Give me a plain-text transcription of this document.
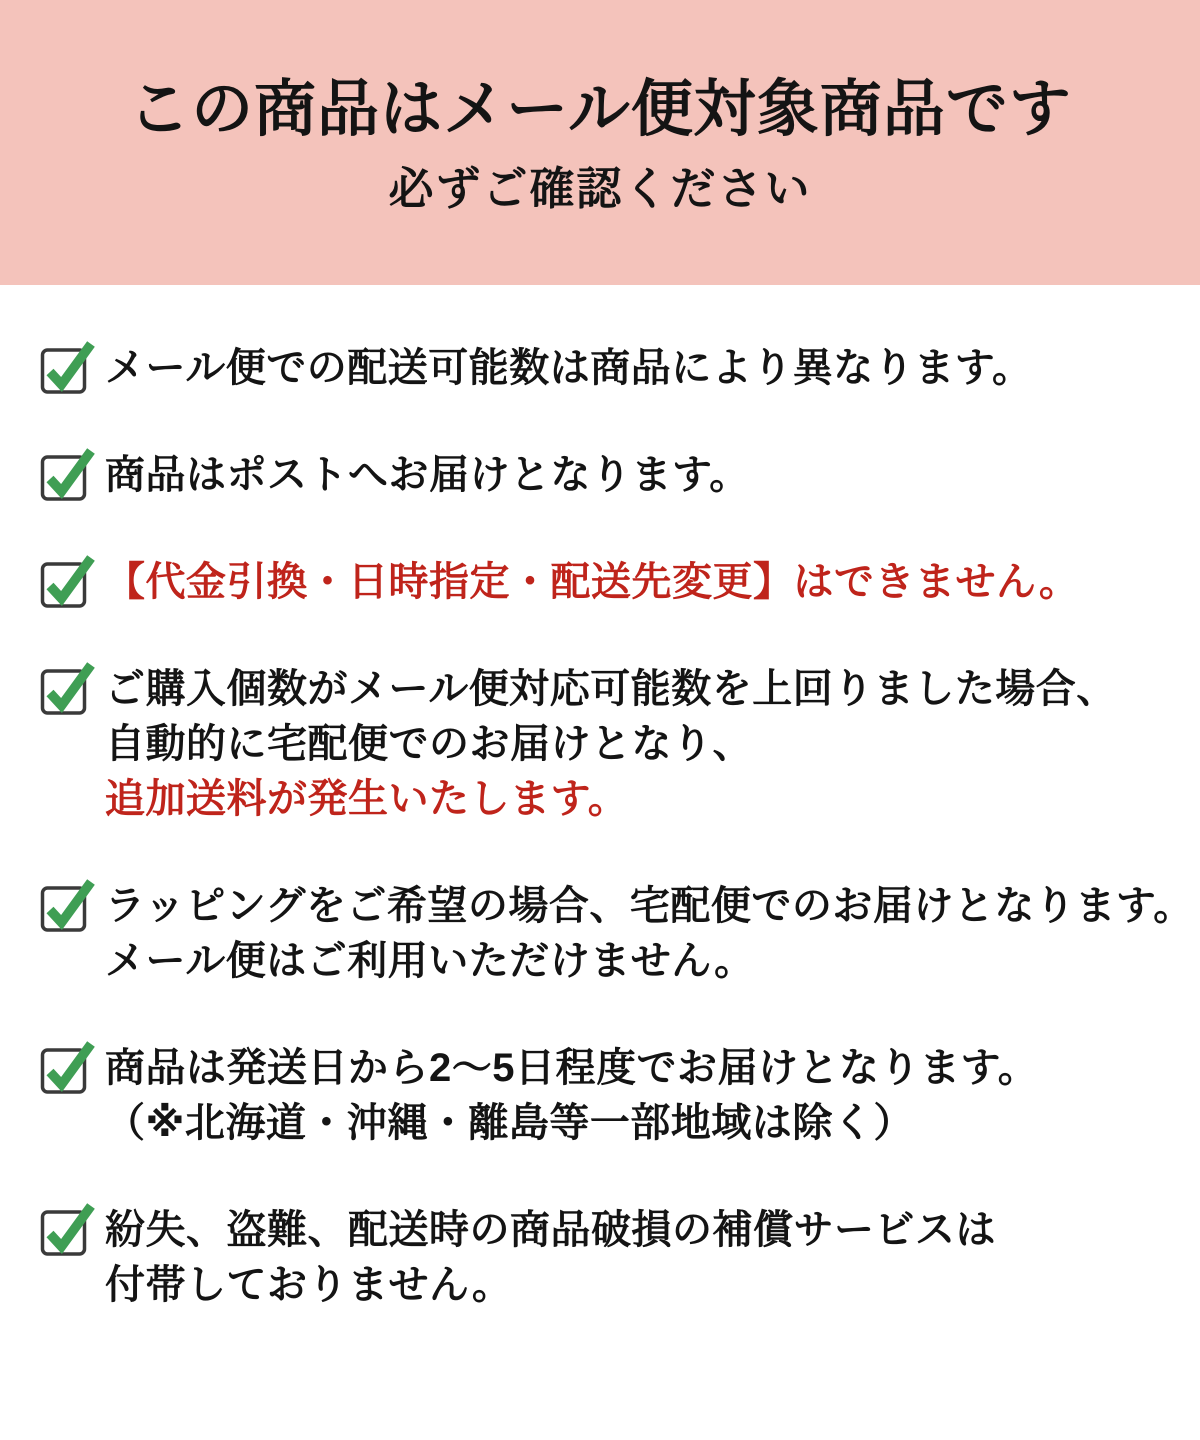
この商品はメール便対象商品です

必ずご確認ください

メール便での配送可能数は商品により異なります。
商品はポストへお届けとなります。
【代金引換・日時指定・配送先変更】はできません。
ご購入個数がメール便対応可能数を上回りました場合、
自動的に宅配便でのお届けとなり、
追加送料が発生いたします。
ラッピングをご希望の場合、宅配便でのお届けとなります。
メール便はご利用いただけません。
商品は発送日から2〜5日程度でお届けとなります。
（※北海道・沖縄・離島等一部地域は除く）
紛失、盗難、配送時の商品破損の補償サービスは
付帯しておりません。
